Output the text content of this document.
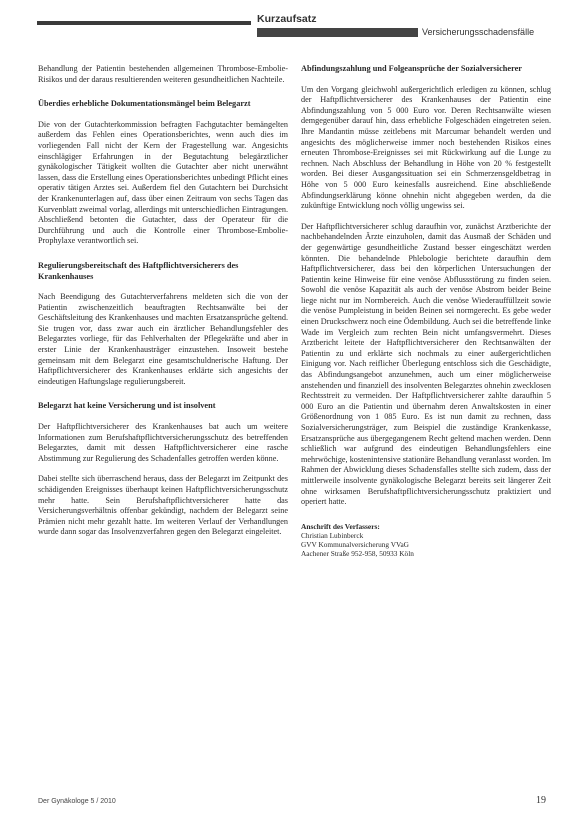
Kurzaufsatz
Versicherungsschadensfälle

Behandlung der Patientin bestehenden allgemeinen Thrombose-Embolie-Risikos und der daraus resultierenden weiteren gesundheitlichen Nachteile.

Überdies erhebliche Dokumentationsmängel beim Belegarzt

Die von der Gutachterkommission befragten Fachgutachter bemängelten außerdem das Fehlen eines Operationsberichtes, wenn auch dies im vorliegenden Fall nicht der Kern der Fragestellung war. Angesichts einschlägiger Erfahrungen in der Begutachtung belegärztlicher gynäkologischer Tätigkeit wollten die Gutachter aber nicht unerwähnt lassen, dass die Erstellung eines Operationsberichtes unbedingt Pflicht eines operativ tätigen Arztes sei. Außerdem fiel den Gutachtern bei Durchsicht der Krankenunterlagen auf, dass über einen Zeitraum von sechs Tagen das Kurvenblatt zweimal vorlag, allerdings mit unterschiedlichen Eintragungen. Abschließend betonten die Gutachter, dass der Operateur für die Durchführung und auch die Kontrolle einer Thrombose-Embolie-Prophylaxe verantwortlich sei.

Regulierungsbereitschaft des Haftpflichtversicherers des Krankenhauses

Nach Beendigung des Gutachterverfahrens meldeten sich die von der Patientin zwischenzeitlich beauftragten Rechtsanwälte bei der Geschäftsleitung des Krankenhauses und machten Ersatzansprüche geltend. Sie trugen vor, dass zwar auch ein ärztlicher Behandlungsfehler des Belegarztes vorliege, für das Fehlverhalten der Pflegekräfte und aber in erster Linie der Krankenhausträger einzustehen. Insoweit bestehe gemeinsam mit dem Belegarzt eine gesamtschuldnerische Haftung. Der Haftpflichtversicherer des Krankenhauses erklärte sich angesichts der eindeutigen Haftungslage regulierungsbereit.

Belegarzt hat keine Versicherung und ist insolvent

Der Haftpflichtversicherer des Krankenhauses bat auch um weitere Informationen zum Berufshaftpflichtversicherungsschutz des betreffenden Belegarztes, damit mit dessen Haftpflichtversicherer eine rasche Abstimmung zur Regulierung des Schadenfalles getroffen werden könne.

Dabei stellte sich überraschend heraus, dass der Belegarzt im Zeitpunkt des schädigenden Ereignisses überhaupt keinen Haftpflichtversicherungsschutz mehr hatte. Sein Berufshaftpflichtversicherer hatte das Versicherungsverhältnis offenbar gekündigt, nachdem der Belegarzt seine Prämien nicht mehr gezahlt hatte. Im weiteren Verlauf der Verhandlungen wurde dann sogar das Insolvenzverfahren gegen den Belegarzt eingeleitet.

Abfindungszahlung und Folgeansprüche der Sozialversicherer

Um den Vorgang gleichwohl außergerichtlich erledigen zu können, schlug der Haftpflichtversicherer des Krankenhauses der Patientin eine Abfindungszahlung von 5 000 Euro vor. Deren Rechtsanwälte wiesen demgegenüber darauf hin, dass erhebliche Folgeschäden eingetreten seien. Ihre Mandantin müsse zeitlebens mit Marcumar behandelt werden und angesichts des möglicherweise immer noch bestehenden Risikos eines erneuten Thrombose-Ereignisses sei mit Rückwirkung auf die Lunge zu rechnen. Nach Abschluss der Behandlung in Höhe von 20 % festgestellt worden. Bei dieser Ausgangssituation sei ein Schmerzensgeldbetrag in Höhe von 5 000 Euro keinesfalls ausreichend. Eine abschließende Abfindungserklärung könne ohnehin nicht abgegeben werden, da die zukünftige Entwicklung noch völlig ungewiss sei.

Der Haftpflichtversicherer schlug daraufhin vor, zunächst Arztberichte der nachbehandelnden Ärzte einzuholen, damit das Ausmaß der Schäden und der gegenwärtige gesundheitliche Zustand besser eingeschätzt werden könnten. Die behandelnde Phlebologie berichtete daraufhin dem Haftpflichtversicherer, dass bei den körperlichen Untersuchungen der Patientin keine Hinweise für eine venöse Abflussstörung zu finden seien. Sowohl die venöse Kapazität als auch der venöse Abstrom beider Beine liege nicht nur im Normbereich. Auch die venöse Wiederauffüllzeit sowie die venöse Pumpleistung in beiden Beinen sei normgerecht. Es gebe weder einen Druckschwerz noch eine Ödembildung. Auch sei die betreffende linke Wade im Vergleich zum rechten Bein nicht umfangsvermehrt. Dieses Arztbericht leitete der Haftpflichtversicherer den Rechtsanwälten der Patientin zu und erklärte sich nochmals zu einer außergerichtlichen Einigung vor. Nach reiflicher Überlegung entschloss sich die Geschädigte, das Abfindungsangebot anzunehmen, auch um einer möglicherweise anstehenden und finanziell des insolventen Belegarztes ohnehin zwecklosen Rechtsstreit zu vermeiden. Der Haftpflichtversicherer zahlte daraufhin 5 000 Euro an die Patientin und übernahm deren Anwaltskosten in einer Größenordnung von 1 085 Euro. Es ist nun damit zu rechnen, dass Sozialversicherungsträger, zum Beispiel die zuständige Krankenkasse, Ersatzansprüche aus übergegangenem Recht geltend machen werden. Denn schließlich war aufgrund des eindeutigen Behandlungsfehlers eine mehrwöchige, kostenintensive stationäre Behandlung veranlasst worden. Im Rahmen der Abwicklung dieses Schadensfalles stellte sich zudem, dass der mittlerweile insolvente gynäkologische Belegarzt bereits seit längerer Zeit ohne wirksamen Berufshaftpflichtversicherungsschutz praktiziert und operiert hatte.

Anschrift des Verfassers:
Christian Lubinberck
GVV Kommunalversicherung VVaG
Aachener Straße 952-958, 50933 Köln
Der Gynäkologe 5 / 2010	19
